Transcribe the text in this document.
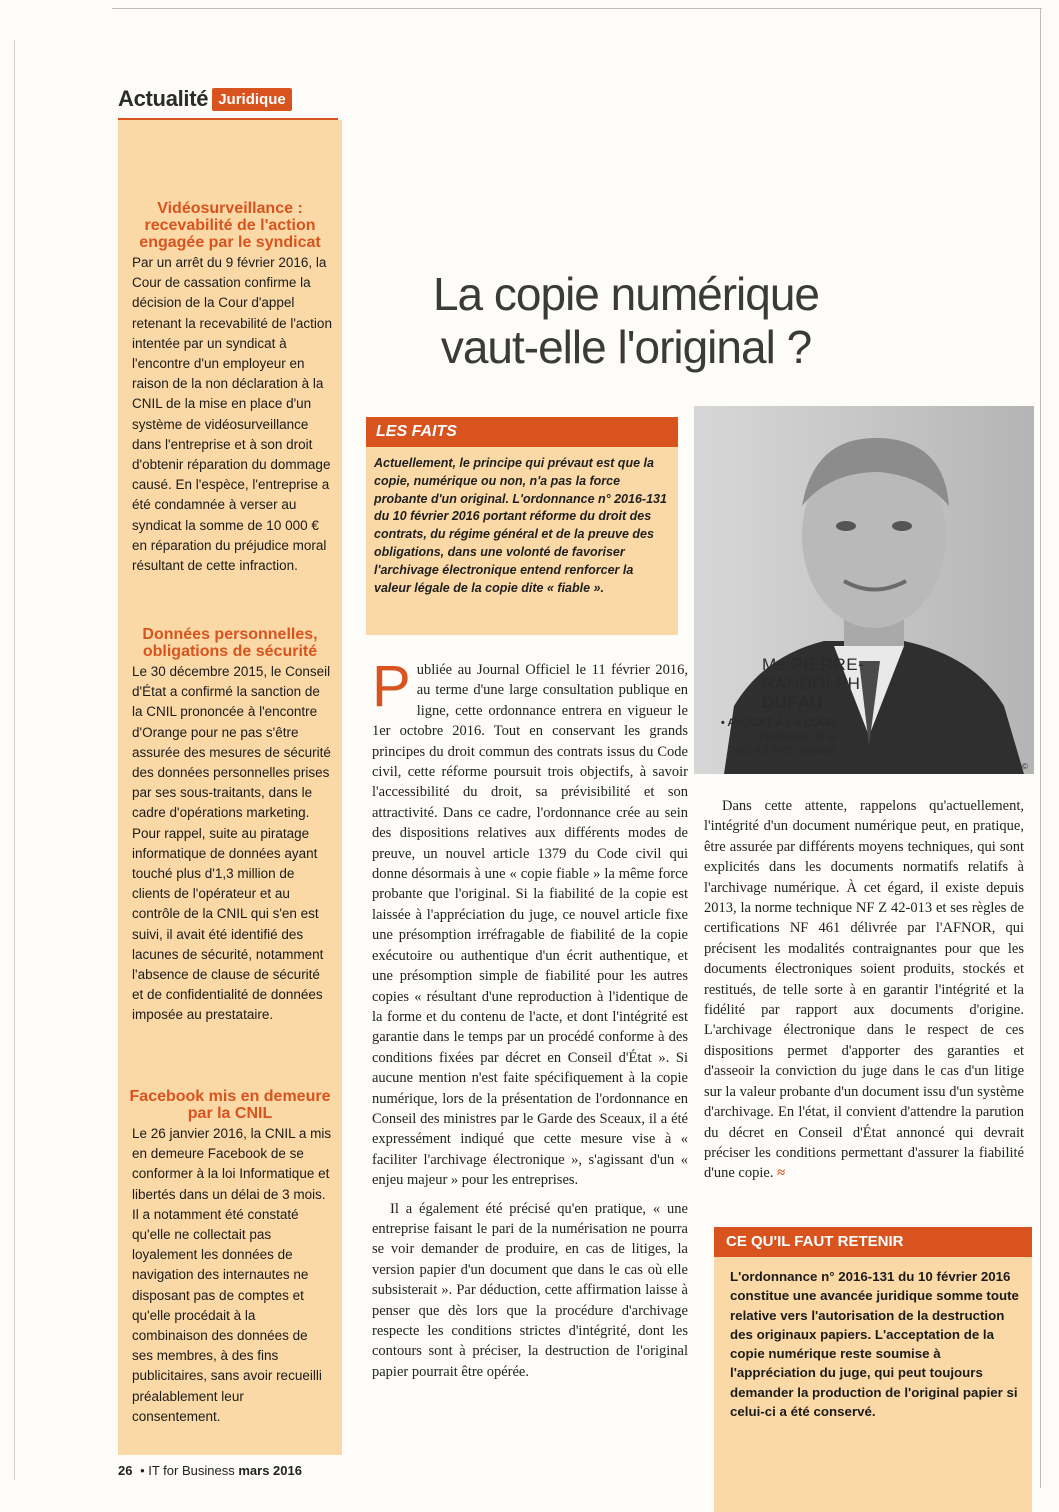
Actualité Juridique
Vidéosurveillance : recevabilité de l'action engagée par le syndicat
Par un arrêt du 9 février 2016, la Cour de cassation confirme la décision de la Cour d'appel retenant la recevabilité de l'action intentée par un syndicat à l'encontre d'un employeur en raison de la non déclaration à la CNIL de la mise en place d'un système de vidéosurveillance dans l'entreprise et à son droit d'obtenir réparation du dommage causé. En l'espèce, l'entreprise a été condamnée à verser au syndicat la somme de 10 000 € en réparation du préjudice moral résultant de cette infraction.
Données personnelles, obligations de sécurité
Le 30 décembre 2015, le Conseil d'État a confirmé la sanction de la CNIL prononcée à l'encontre d'Orange pour ne pas s'être assurée des mesures de sécurité des données personnelles prises par ses sous-traitants, dans le cadre d'opérations marketing. Pour rappel, suite au piratage informatique de données ayant touché plus d'1,3 million de clients de l'opérateur et au contrôle de la CNIL qui s'en est suivi, il avait été identifié des lacunes de sécurité, notamment l'absence de clause de sécurité et de confidentialité de données imposée au prestataire.
Facebook mis en demeure par la CNIL
Le 26 janvier 2016, la CNIL a mis en demeure Facebook de se conformer à la loi Informatique et libertés dans un délai de 3 mois. Il a notamment été constaté qu'elle ne collectait pas loyalement les données de navigation des internautes ne disposant pas de comptes et qu'elle procédait à la combinaison des données de ses membres, à des fins publicitaires, sans avoir recueilli préalablement leur consentement.
La copie numérique
vaut-elle l'original ?
LES FAITS
Actuellement, le principe qui prévaut est que la copie, numérique ou non, n'a pas la force probante d'un original. L'ordonnance n° 2016-131 du 10 février 2016 portant réforme du droit des contrats, du régime général et de la preuve des obligations, dans une volonté de favoriser l'archivage électronique entend renforcer la valeur légale de la copie dite « fiable ».
Me PIERRE-
RANDOLPH
DUFAU
• AVOCAT À LA COUR
Fondateur de la
SELAS PRD avocats
©

Publiée au Journal Officiel le 11 février 2016, au terme d'une large consultation publique en ligne, cette ordonnance entrera en vigueur le 1er octobre 2016. Tout en conservant les grands principes du droit commun des contrats issus du Code civil, cette réforme poursuit trois objectifs, à savoir l'accessibilité du droit, sa prévisibilité et son attractivité. Dans ce cadre, l'ordonnance crée au sein des dispositions relatives aux différents modes de preuve, un nouvel article 1379 du Code civil qui donne désormais à une « copie fiable » la même force probante que l'original. Si la fiabilité de la copie est laissée à l'appréciation du juge, ce nouvel article fixe une présomption irréfragable de fiabilité de la copie exécutoire ou authentique d'un écrit authentique, et une présomption simple de fiabilité pour les autres copies « résultant d'une reproduction à l'identique de la forme et du contenu de l'acte, et dont l'intégrité est garantie dans le temps par un procédé conforme à des conditions fixées par décret en Conseil d'État ». Si aucune mention n'est faite spécifiquement à la copie numérique, lors de la présentation de l'ordonnance en Conseil des ministres par le Garde des Sceaux, il a été expressément indiqué que cette mesure vise à « faciliter l'archivage électronique », s'agissant d'un « enjeu majeur » pour les entreprises.

Il a également été précisé qu'en pratique, « une entreprise faisant le pari de la numérisation ne pourra se voir demander de produire, en cas de litiges, la version papier d'un document que dans le cas où elle subsisterait ». Par déduction, cette affirmation laisse à penser que dès lors que la procédure d'archivage respecte les conditions strictes d'intégrité, dont les contours sont à préciser, la destruction de l'original papier pourrait être opérée.

Dans cette attente, rappelons qu'actuellement, l'intégrité d'un document numérique peut, en pratique, être assurée par différents moyens techniques, qui sont explicités dans les documents normatifs relatifs à l'archivage numérique. À cet égard, il existe depuis 2013, la norme technique NF Z 42-013 et ses règles de certifications NF 461 délivrée par l'AFNOR, qui précisent les modalités contraignantes pour que les documents électroniques soient produits, stockés et restitués, de telle sorte à en garantir l'intégrité et la fidélité par rapport aux documents d'origine. L'archivage électronique dans le respect de ces dispositions permet d'apporter des garanties et d'asseoir la conviction du juge dans le cas d'un litige sur la valeur probante d'un document issu d'un système d'archivage. En l'état, il convient d'attendre la parution du décret en Conseil d'État annoncé qui devrait préciser les conditions permettant d'assurer la fiabilité d'une copie. ≈

CE QU'IL FAUT RETENIR
L'ordonnance n° 2016-131 du 10 février 2016 constitue une avancée juridique somme toute relative vers l'autorisation de la destruction des originaux papiers. L'acceptation de la copie numérique reste soumise à l'appréciation du juge, qui peut toujours demander la production de l'original papier si celui-ci a été conservé.
26 • IT for Business mars 2016
